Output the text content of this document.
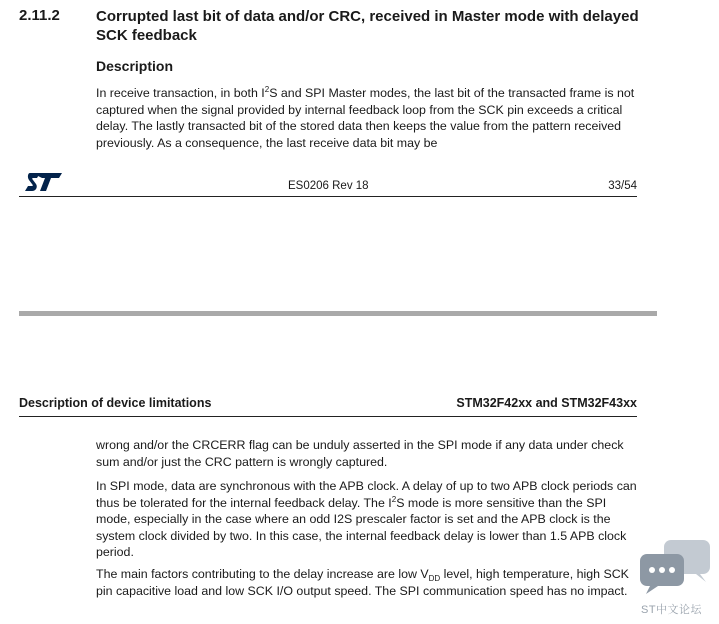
2.11.2 Corrupted last bit of data and/or CRC, received in Master mode with delayed SCK feedback
Description

In receive transaction, in both $I^2S$ and SPI Master modes, the last bit of the transacted frame is not captured when the signal provided by internal feedback loop from the SCK pin exceeds a critical delay. The lastly transacted bit of the stored data then keeps the value from the pattern received previously. As a consequence, the last receive data bit may be

ES0206 Rev 18	33/54
Description of device limitations	STM32F42xx and STM32F43xx

wrong and/or the CRCERR flag can be unduly asserted in the SPI mode if any data under check sum and/or just the CRC pattern is wrongly captured.

In SPI mode, data are synchronous with the APB clock. A delay of up to two APB clock periods can thus be tolerated for the internal feedback delay. The $I^2S$ mode is more sensitive than the SPI mode, especially in the case where an odd I2S prescaler factor is set and the APB clock is the system clock divided by two. In this case, the internal feedback delay is lower than 1.5 APB clock period.

The main factors contributing to the delay increase are low $V_{DD}$ level, high temperature, high SCK pin capacitive load and low SCK I/O output speed. The SPI communication speed has no impact.

ST中文论坛
